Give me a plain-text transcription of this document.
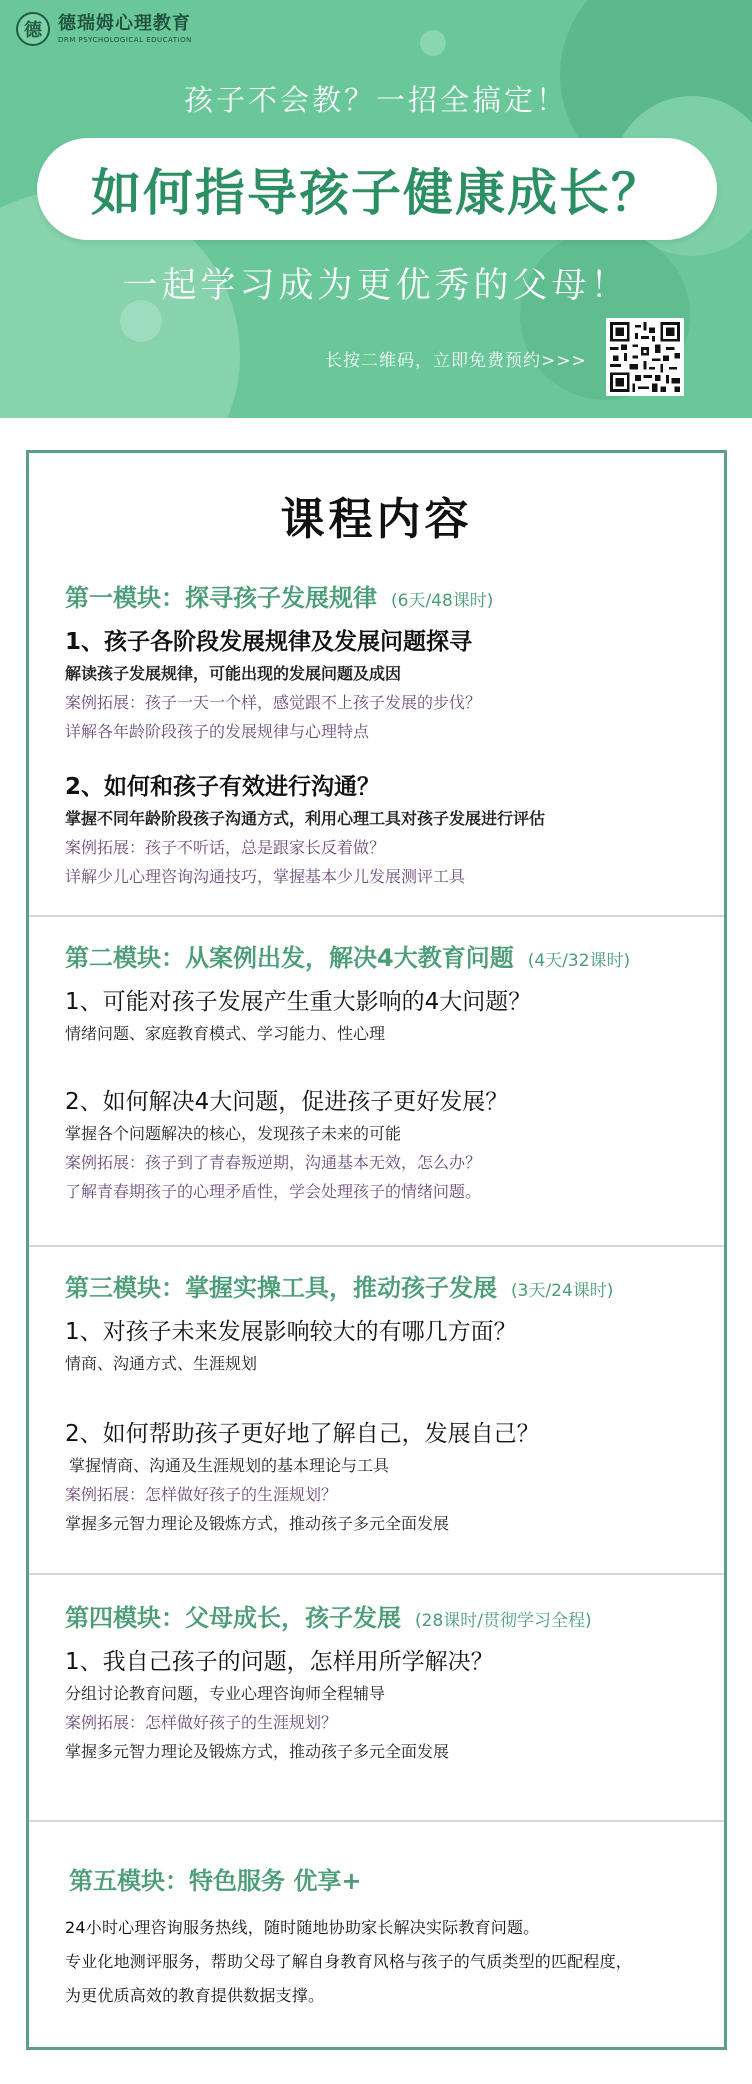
德 德瑞姆心理教育
DRM PSYCHOLOGICAL EDUCATION
孩子不会教？一招全搞定！
如何指导孩子健康成长？
一起学习成为更优秀的父母！
长按二维码，立即免费预约>>>
课程内容
第一模块：探寻孩子发展规律 (6天/48课时)
1、孩子各阶段发展规律及发展问题探寻
解读孩子发展规律，可能出现的发展问题及成因
案例拓展：孩子一天一个样，感觉跟不上孩子发展的步伐？
详解各年龄阶段孩子的发展规律与心理特点
2、如何和孩子有效进行沟通？
掌握不同年龄阶段孩子沟通方式，利用心理工具对孩子发展进行评估
案例拓展：孩子不听话，总是跟家长反着做？
详解少儿心理咨询沟通技巧，掌握基本少儿发展测评工具
第二模块：从案例出发，解决4大教育问题 (4天/32课时)
1、可能对孩子发展产生重大影响的4大问题？
情绪问题、家庭教育模式、学习能力、性心理
2、如何解决4大问题，促进孩子更好发展？
掌握各个问题解决的核心，发现孩子未来的可能
案例拓展：孩子到了青春叛逆期，沟通基本无效，怎么办？
了解青春期孩子的心理矛盾性，学会处理孩子的情绪问题。
第三模块：掌握实操工具，推动孩子发展 (3天/24课时)
1、对孩子未来发展影响较大的有哪几方面？
情商、沟通方式、生涯规划
2、如何帮助孩子更好地了解自己，发展自己？
掌握情商、沟通及生涯规划的基本理论与工具
案例拓展：怎样做好孩子的生涯规划？
掌握多元智力理论及锻炼方式，推动孩子多元全面发展
第四模块：父母成长，孩子发展 (28课时/贯彻学习全程)
1、我自己孩子的问题，怎样用所学解决？
分组讨论教育问题，专业心理咨询师全程辅导
案例拓展：怎样做好孩子的生涯规划？
掌握多元智力理论及锻炼方式，推动孩子多元全面发展
第五模块：特色服务 优享+
24小时心理咨询服务热线，随时随地协助家长解决实际教育问题。
专业化地测评服务，帮助父母了解自身教育风格与孩子的气质类型的匹配程度，
为更优质高效的教育提供数据支撑。
